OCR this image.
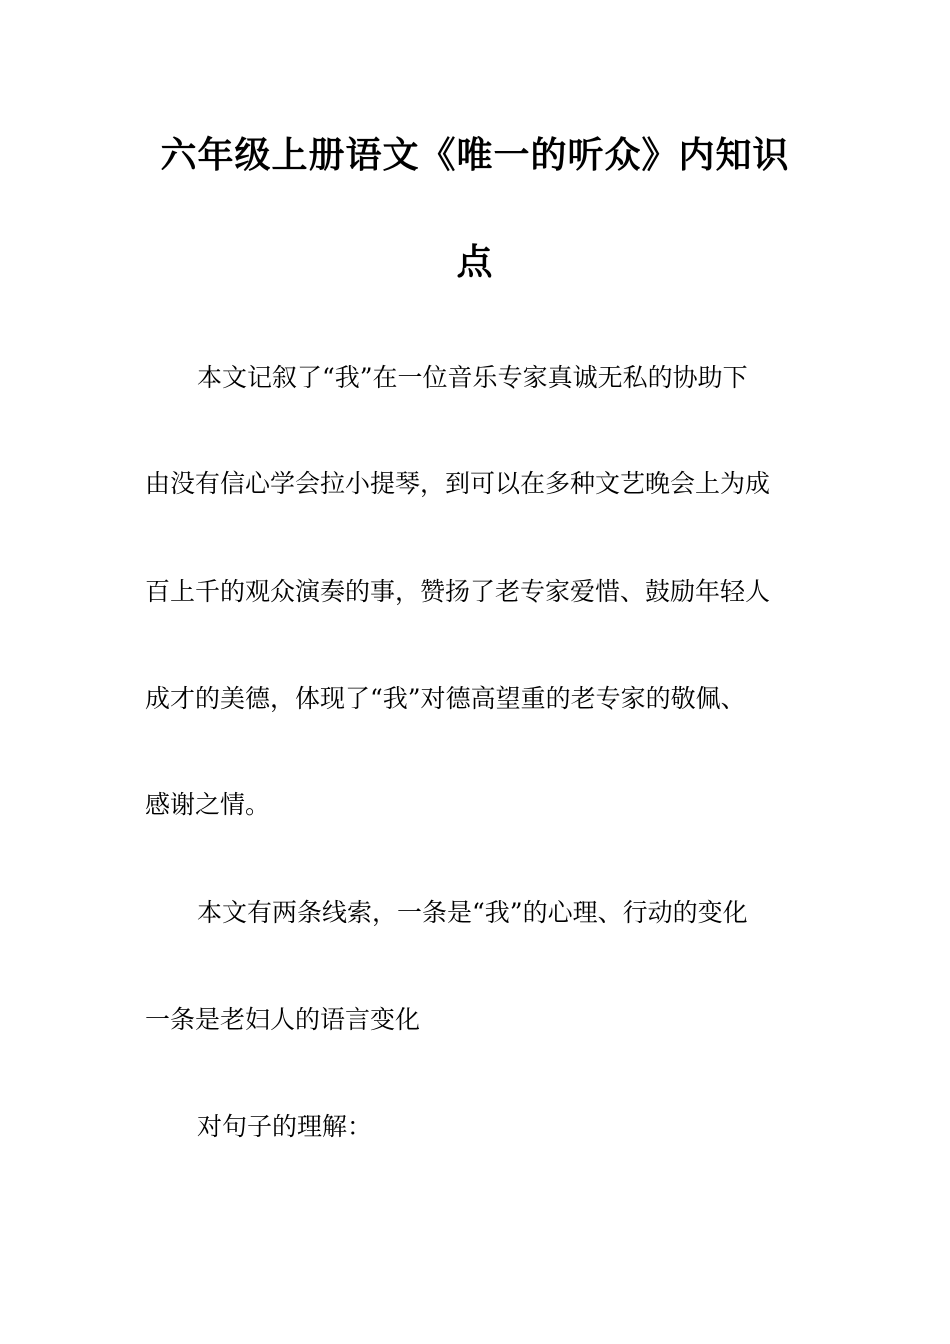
六年级上册语文《唯一的听众》内知识
点
本文记叙了“我”在一位音乐专家真诚无私的协助下
由没有信心学会拉小提琴，到可以在多种文艺晚会上为成
百上千的观众演奏的事，赞扬了老专家爱惜、鼓励年轻人
成才的美德，体现了“我”对德高望重的老专家的敬佩、
感谢之情。
本文有两条线索，一条是“我”的心理、行动的变化
一条是老妇人的语言变化
对句子的理解：
